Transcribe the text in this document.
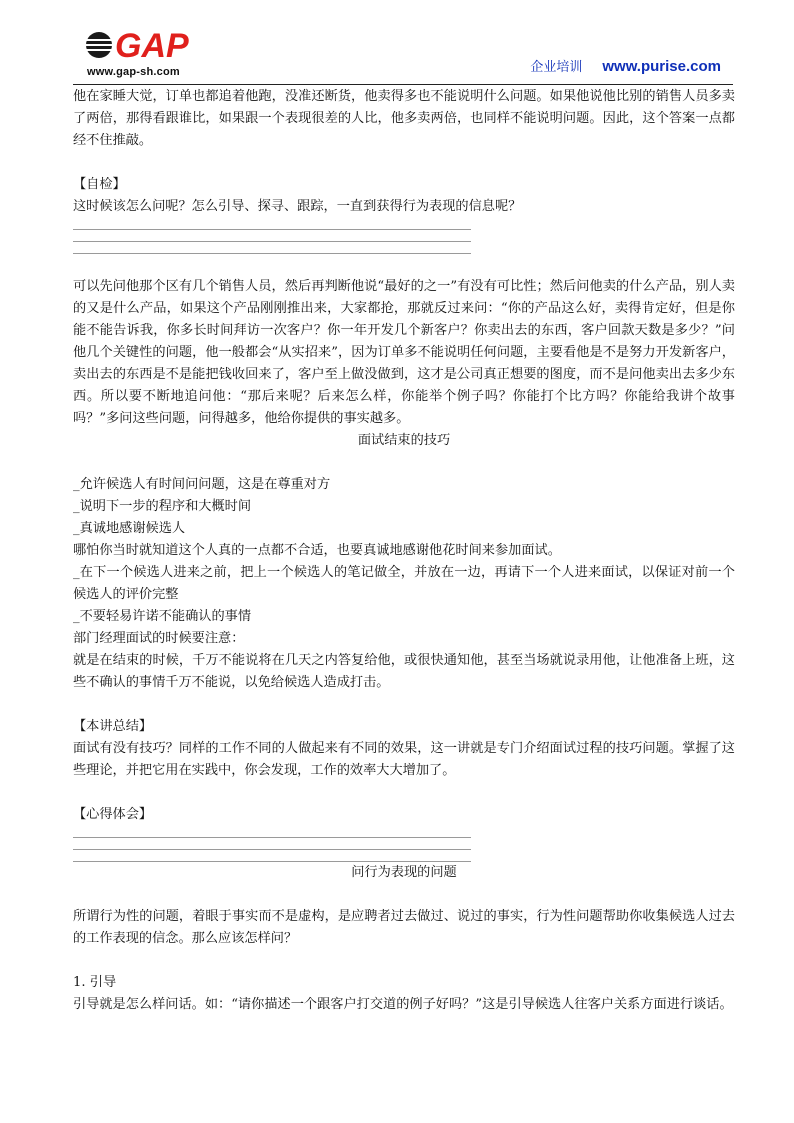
GAP
www.gap-sh.com	企业培训 www.purise.com

他在家睡大觉，订单也都追着他跑，没准还断货，他卖得多也不能说明什么问题。如果他说他比别的销售人员多卖了两倍，那得看跟谁比，如果跟一个表现很差的人比，他多卖两倍，也同样不能说明问题。因此，这个答案一点都经不住推敲。

【自检】

这时候该怎么问呢？怎么引导、探寻、跟踪，一直到获得行为表现的信息呢？

可以先问他那个区有几个销售人员，然后再判断他说“最好的之一”有没有可比性；然后问他卖的什么产品，别人卖的又是什么产品，如果这个产品刚刚推出来，大家都抢，那就反过来问：“你的产品这么好，卖得肯定好，但是你能不能告诉我，你多长时间拜访一次客户？你一年开发几个新客户？你卖出去的东西，客户回款天数是多少？”问他几个关键性的问题，他一般都会“从实招来”，因为订单多不能说明任何问题，主要看他是不是努力开发新客户，卖出去的东西是不是能把钱收回来了，客户至上做没做到，这才是公司真正想要的图度，而不是问他卖出去多少东西。所以要不断地追问他：“那后来呢？后来怎么样，你能举个例子吗？你能打个比方吗？你能给我讲个故事吗？”多问这些问题，问得越多，他给你提供的事实越多。

面试结束的技巧

_允许候选人有时间问问题，这是在尊重对方

_说明下一步的程序和大概时间

_真诚地感谢候选人

哪怕你当时就知道这个人真的一点都不合适，也要真诚地感谢他花时间来参加面试。

_在下一个候选人进来之前，把上一个候选人的笔记做全，并放在一边，再请下一个人进来面试，以保证对前一个候选人的评价完整

_不要轻易许诺不能确认的事情

部门经理面试的时候要注意：

就是在结束的时候，千万不能说将在几天之内答复给他，或很快通知他，甚至当场就说录用他，让他准备上班，这些不确认的事情千万不能说，以免给候选人造成打击。

【本讲总结】

面试有没有技巧？同样的工作不同的人做起来有不同的效果，这一讲就是专门介绍面试过程的技巧问题。掌握了这些理论，并把它用在实践中，你会发现，工作的效率大大增加了。

【心得体会】

问行为表现的问题

所谓行为性的问题，着眼于事实而不是虚构，是应聘者过去做过、说过的事实，行为性问题帮助你收集候选人过去的工作表现的信念。那么应该怎样问？

1. 引导

引导就是怎么样问话。如：“请你描述一个跟客户打交道的例子好吗？”这是引导候选人往客户关系方面进行谈话。
